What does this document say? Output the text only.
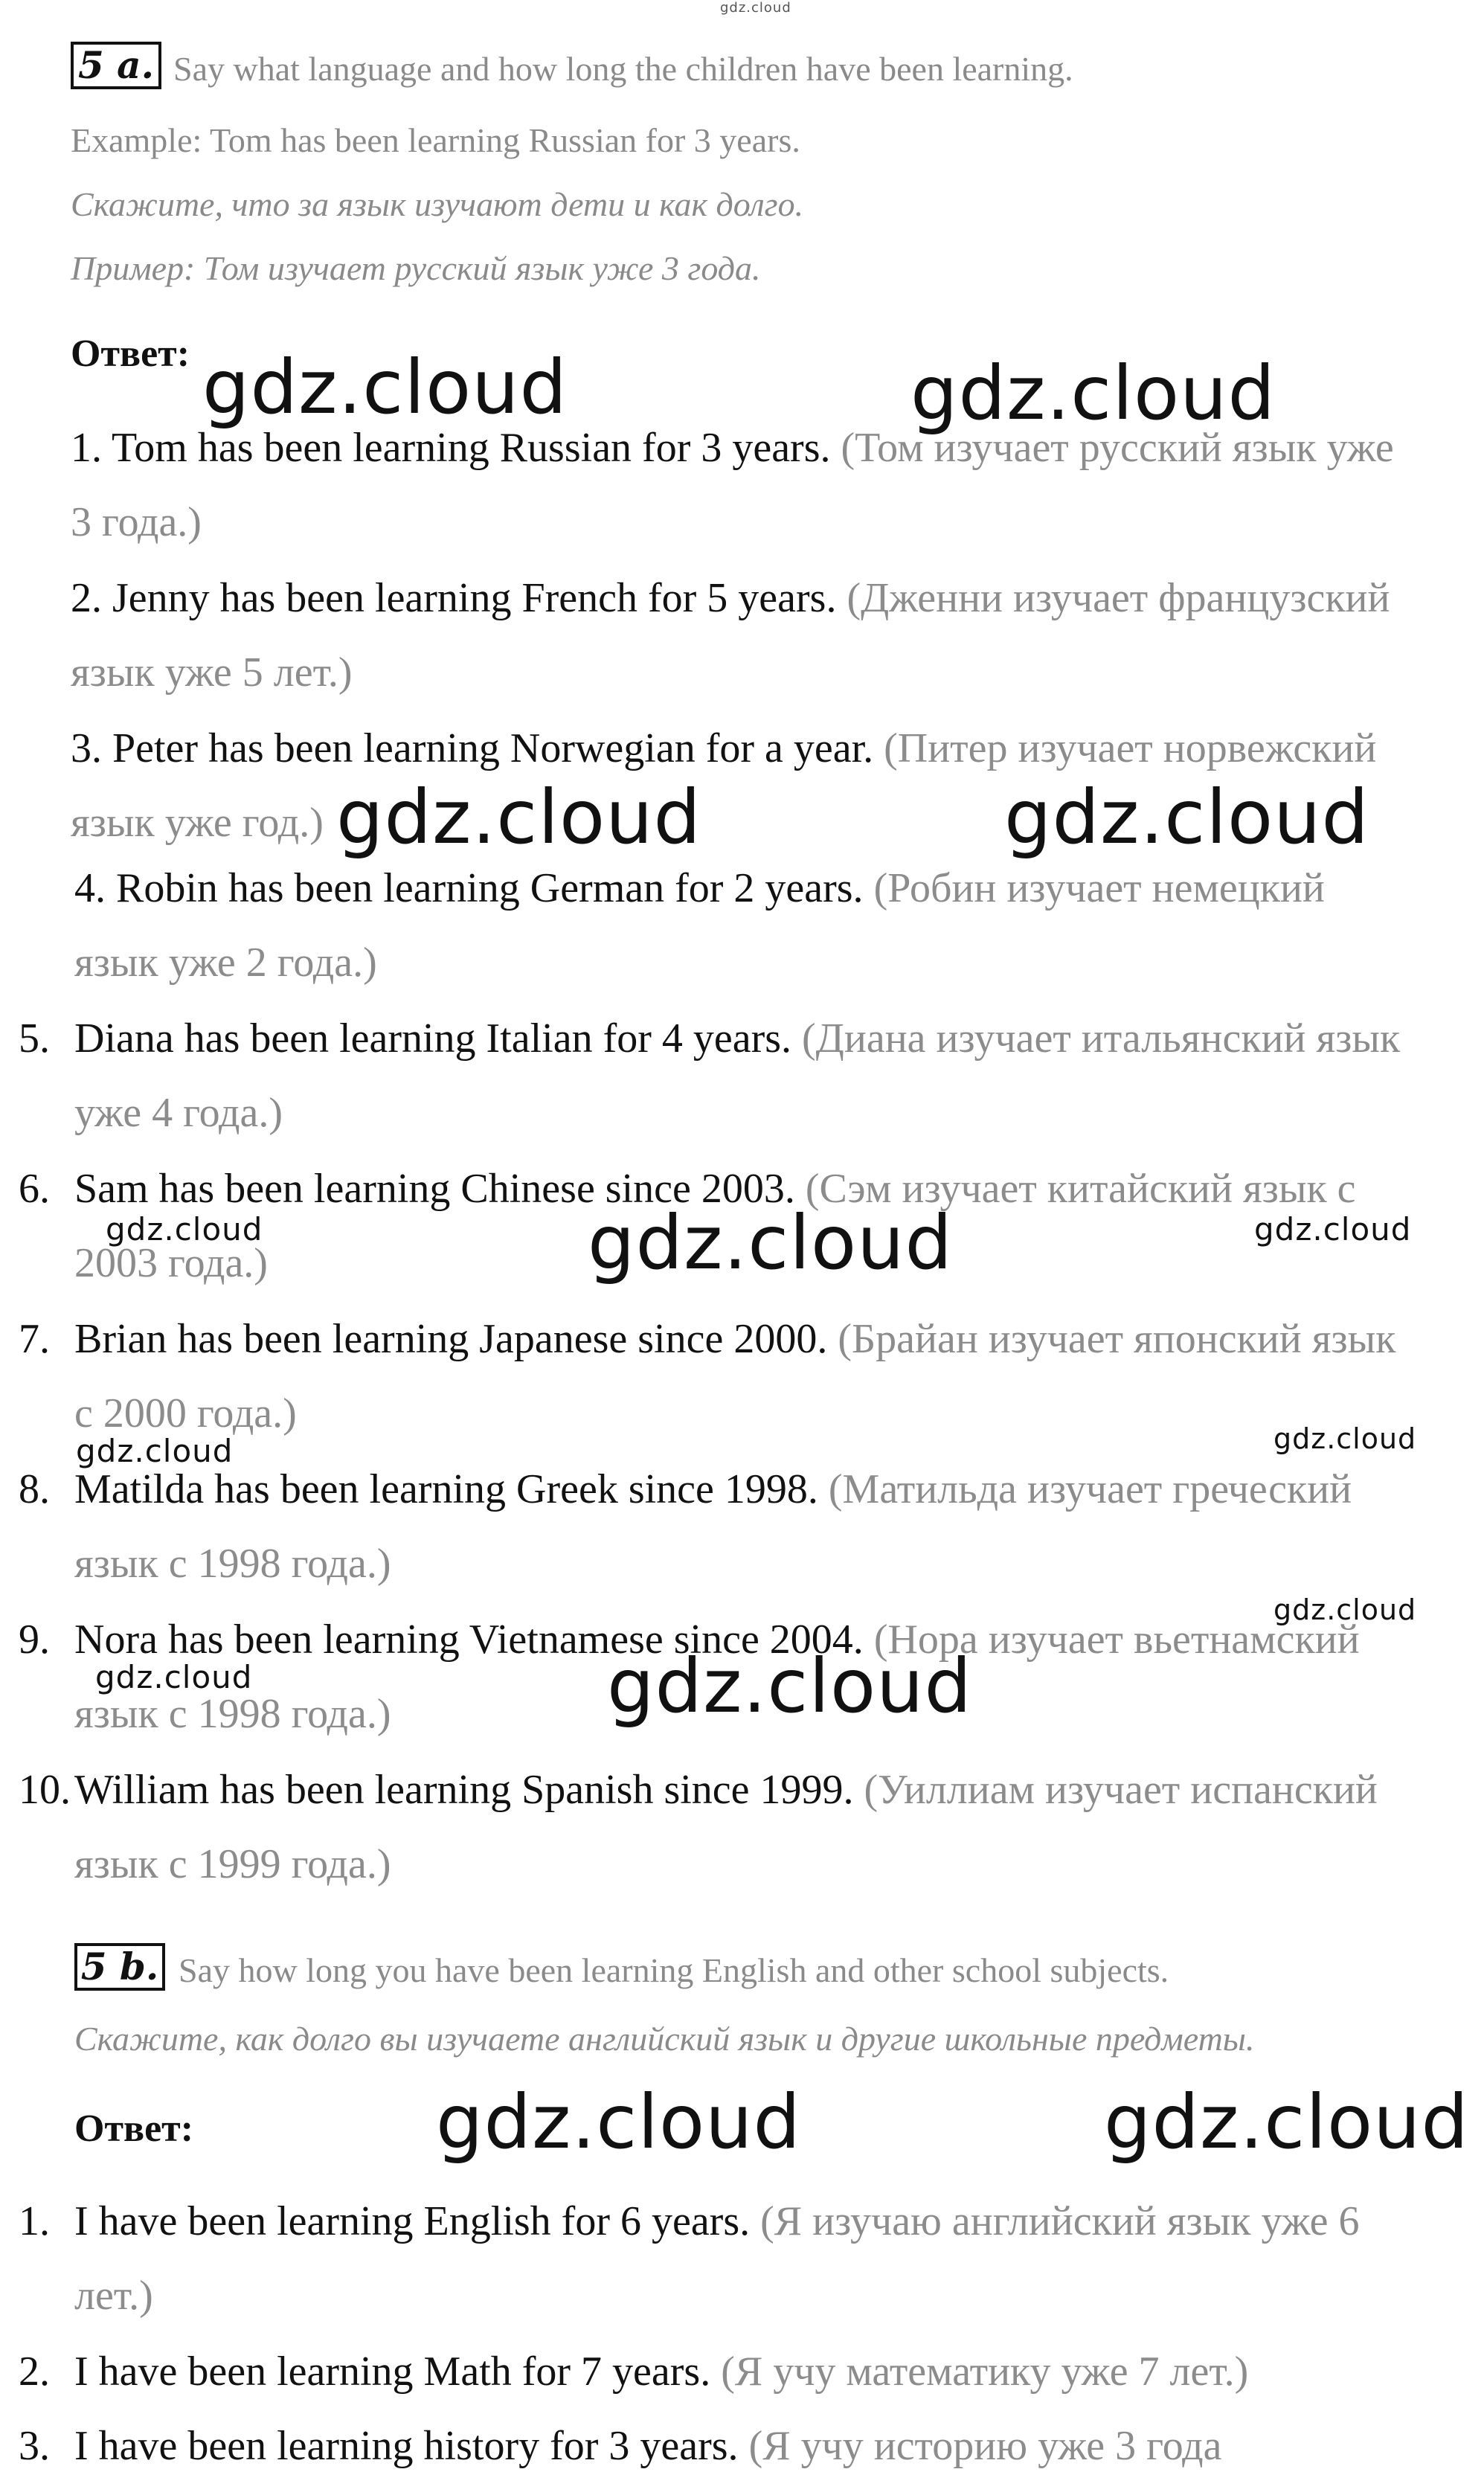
gdz.cloud
5 a. Say what language and how long the children have been learning.
Example: Tom has been learning Russian for 3 years.
Скажите, что за язык изучают дети и как долго.
Пример: Том изучает русский язык уже 3 года.
Ответ:
1. Tom has been learning Russian for 3 years. (Том изучает русский язык уже
3 года.)
2. Jenny has been learning French for 5 years. (Дженни изучает французский
язык уже 5 лет.)
3. Peter has been learning Norwegian for a year. (Питер изучает норвежский
язык уже год.)
4. Robin has been learning German for 2 years. (Робин изучает немецкий
язык уже 2 года.)
5. Diana has been learning Italian for 4 years. (Диана изучает итальянский язык
уже 4 года.)
6. Sam has been learning Chinese since 2003. (Сэм изучает китайский язык с
2003 года.)
7. Brian has been learning Japanese since 2000. (Брайан изучает японский язык
с 2000 года.)
8. Matilda has been learning Greek since 1998. (Матильда изучает греческий
язык с 1998 года.)
9. Nora has been learning Vietnamese since 2004. (Нора изучает вьетнамский
язык с 1998 года.)
10. William has been learning Spanish since 1999. (Уиллиам изучает испанский
язык с 1999 года.)
5 b. Say how long you have been learning English and other school subjects.
Скажите, как долго вы изучаете английский язык и другие школьные предметы.
Ответ:
1. I have been learning English for 6 years. (Я изучаю английский язык уже 6
лет.)
2. I have been learning Math for 7 years. (Я учу математику уже 7 лет.)
3. I have been learning history for 3 years. (Я учу историю уже 3 года
gdz.cloud	gdz.cloud
gdz.cloud	gdz.cloud
gdz.cloud	gdz.cloud	gdz.cloud
gdz.cloud	gdz.cloud
gdz.cloud
gdz.cloud	gdz.cloud
gdz.cloud	gdz.cloud
